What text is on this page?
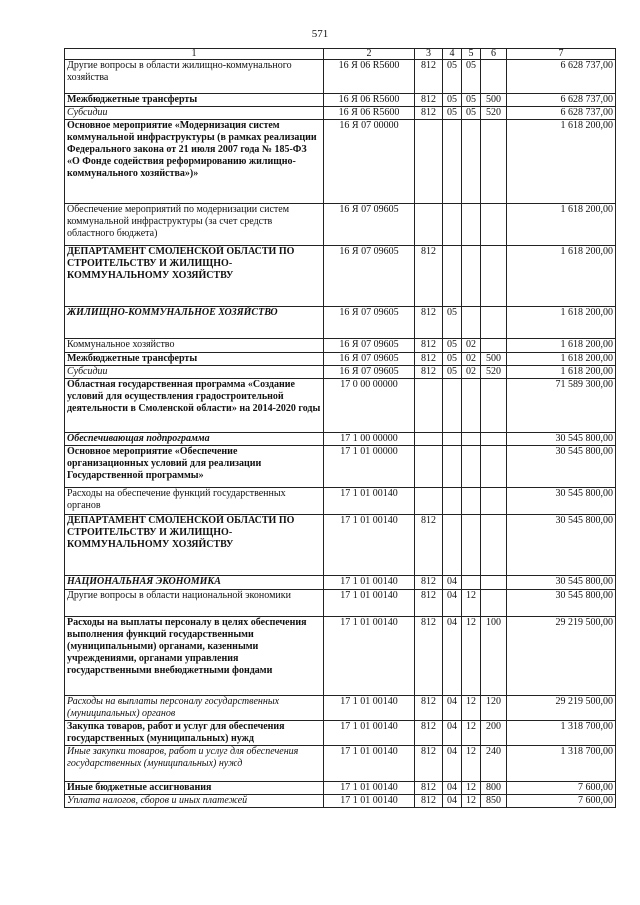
571
1	2	3	4	5	6	7
Другие вопросы в области жилищно-коммунального хозяйства	16 Я 06 R5600	812	05	05		6 628 737,00
Межбюджетные трансферты	16 Я 06 R5600	812	05	05	500	6 628 737,00
Субсидии	16 Я 06 R5600	812	05	05	520	6 628 737,00
Основное мероприятие «Модернизация систем коммунальной инфраструктуры (в рамках реализации Федерального закона от 21 июля 2007 года № 185-ФЗ «О Фонде содействия реформированию жилищно-коммунального хозяйства»)»	16 Я 07 00000					1 618 200,00
Обеспечение мероприятий по модернизации систем коммунальной инфраструктуры (за счет средств областного бюджета)	16 Я 07 09605					1 618 200,00
ДЕПАРТАМЕНТ СМОЛЕНСКОЙ ОБЛАСТИ ПО СТРОИТЕЛЬСТВУ И ЖИЛИЩНО-КОММУНАЛЬНОМУ ХОЗЯЙСТВУ	16 Я 07 09605	812				1 618 200,00
ЖИЛИЩНО-КОММУНАЛЬНОЕ ХОЗЯЙСТВО	16 Я 07 09605	812	05			1 618 200,00
Коммунальное хозяйство	16 Я 07 09605	812	05	02		1 618 200,00
Межбюджетные трансферты	16 Я 07 09605	812	05	02	500	1 618 200,00
Субсидии	16 Я 07 09605	812	05	02	520	1 618 200,00
Областная государственная программа «Создание условий для осуществления градостроительной деятельности в Смоленской области» на 2014-2020 годы	17 0 00 00000					71 589 300,00
Обеспечивающая подпрограмма	17 1 00 00000					30 545 800,00
Основное мероприятие «Обеспечение организационных условий для реализации Государственной программы»	17 1 01 00000					30 545 800,00
Расходы на обеспечение функций государственных органов	17 1 01 00140					30 545 800,00
ДЕПАРТАМЕНТ СМОЛЕНСКОЙ ОБЛАСТИ ПО СТРОИТЕЛЬСТВУ И ЖИЛИЩНО-КОММУНАЛЬНОМУ ХОЗЯЙСТВУ	17 1 01 00140	812				30 545 800,00
НАЦИОНАЛЬНАЯ ЭКОНОМИКА	17 1 01 00140	812	04			30 545 800,00
Другие вопросы в области национальной экономики	17 1 01 00140	812	04	12		30 545 800,00
Расходы на выплаты персоналу в целях обеспечения выполнения функций государственными (муниципальными) органами, казенными учреждениями, органами управления государственными внебюджетными фондами	17 1 01 00140	812	04	12	100	29 219 500,00
Расходы на выплаты персоналу государственных (муниципальных) органов	17 1 01 00140	812	04	12	120	29 219 500,00
Закупка товаров, работ и услуг для обеспечения государственных (муниципальных) нужд	17 1 01 00140	812	04	12	200	1 318 700,00
Иные закупки товаров, работ и услуг для обеспечения государственных (муниципальных) нужд	17 1 01 00140	812	04	12	240	1 318 700,00
Иные бюджетные ассигнования	17 1 01 00140	812	04	12	800	7 600,00
Уплата налогов, сборов и иных платежей	17 1 01 00140	812	04	12	850	7 600,00
